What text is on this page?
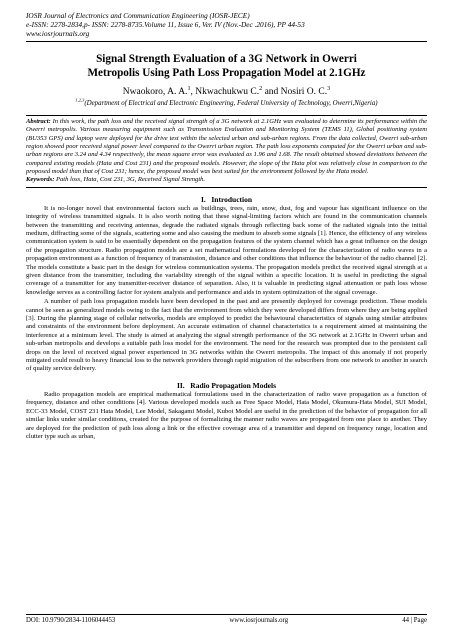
IOSR Journal of Electronics and Communication Engineering (IOSR-JECE)
e-ISSN: 2278-2834,p- ISSN: 2278-8735.Volume 11, Issue 6, Ver. IV (Nov.-Dec .2016), PP 44-53
www.iosrjournals.org
Signal Strength Evaluation of a 3G Network in Owerri
Metropolis Using Path Loss Propagation Model at 2.1GHz
Nwaokoro, A. A.$^1$, Nkwachukwu C.$^2$ and Nosiri O. C.$^3$
$^{1,2,3}$(Department of Electrical and Electronic Engineering, Federal University of Technology, Owerri,Nigeria)
Abstract: In this work, the path loss and the received signal strength of a 3G network at 2.1GHz was evaluated to determine its performance within the Owerri metropolis. Various measuring equipment such as Transmission Evaluation and Monitoring System (TEMS 11), Global positioning system (BU353 GPS) and laptop were deployed for the drive test within the selected urban and sub-urban regions. From the data collected, Owerri sub-urban region showed poor received signal power level compared to the Owerri urban region. The path loss exponents computed for the Owerri urban and sub-urban regions are 3.24 and 4.34 respectively, the mean square error was evaluated as 1.96 and 1.68. The result obtained showed deviations between the compared existing models (Hata and Cost 231) and the proposed models. However, the slope of the Hata plot was relatively close in comparison to the proposed model than that of Cost 231; hence, the proposed model was best suited for the environment followed by the Hata model.
Keywords: Path loss, Hata, Cost 231, 3G, Received Signal Strength.
I.   Introduction

It is no-longer novel that environmental factors such as buildings, trees, rain, snow, dust, fog and vapour has significant influence on the integrity of wireless transmitted signals. It is also worth noting that these signal-limiting factors which are found in the communication channels between the transmitting and receiving antennas, degrade the radiated signals through reflecting back some of the radiated signals into the initial medium, diffracting some of the signals, scattering some and also causing the medium to absorb some signals [1]. Hence, the efficiency of any wireless communication system is said to be essentially dependent on the propagation features of the system channel which has a great influence on the design of the propagation structure. Radio propagation models are a set mathematical formulations developed for the characterization of radio waves in a propagation environment as a function of frequency of transmission, distance and other conditions that influence the behaviour of the radio channel [2]. The models constitute a basic part in the design for wireless communication systems. The propagation models predict the received signal strength at a given distance from the transmitter, including the variability strength of the signal within a specific location. It is useful in predicting the signal coverage of a transmitter for any transmitter-receiver distance of separation. Also, it is valuable in predicting signal attenuation or path loss whose knowledge serves as a controlling factor for system analysis and performance and aids in system optimization of the signal coverage.

A number of path loss propagation models have been developed in the past and are presently deployed for coverage prediction. These models cannot be seen as generalized models owing to the fact that the environment from which they were developed differs from where they are being applied [3]. During the planning stage of cellular networks, models are employed to predict the behavioural characteristics of signals using similar attributes and constraints of the environment before deployment. An accurate estimation of channel characteristics is a requirement aimed at maintaining the interference at a minimum level. The study is aimed at analyzing the signal strength performance of the 3G network at 2.1GHz in Owerri urban and sub-urban metropolis and develops a suitable path loss model for the environment. The need for the research was prompted due to the persistent call drops on the level of received signal power experienced in 3G networks within the Owerri metropolis. The impact of this anomaly if not properly mitigated could result to heavy financial loss to the network providers through rapid migration of the subscribers from one network to another in search of quality service delivery.

II.   Radio Propagation Models

Radio propagation models are empirical mathematical formulations used in the characterization of radio wave propagation as a function of frequency, distance and other conditions [4]. Various developed models such as Free Space Model, Hata Model, Okumura-Hata Model, SUI Model, ECC-33 Model, COST 231 Hata Model, Lee Model, Sakagami Model, Kuboi Model are useful in the prediction of the behavior of propagation for all similar links under similar conditions, created for the purpose of formalizing the manner radio waves are propagated from one place to another. They are deployed for the prediction of path loss along a link or the effective coverage area of a transmitter and depend on frequency range, location and clutter type such as urban,

DOI: 10.9790/2834-1106044453	www.iosrjournals.org	44 | Page
